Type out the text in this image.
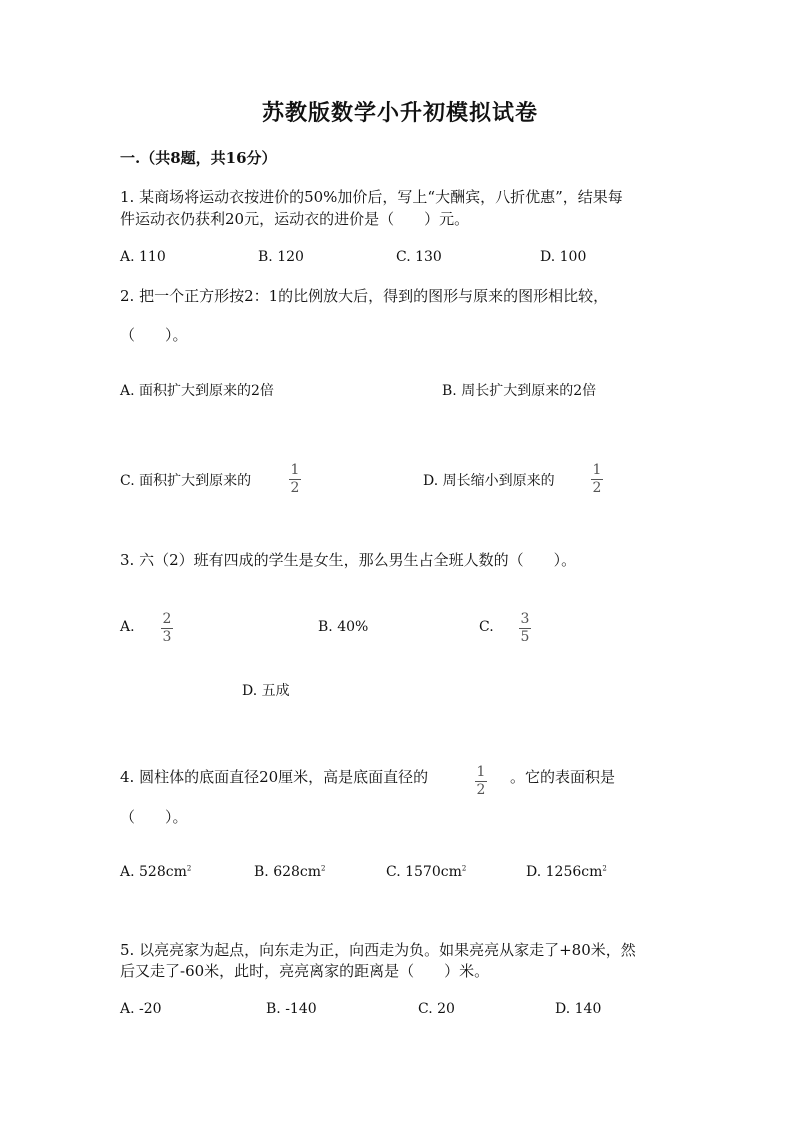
苏教版数学小升初模拟试卷
一.（共8题，共16分）
1. 某商场将运动衣按进价的50%加价后，写上“大酬宾，八折优惠”，结果每
件运动衣仍获利20元，运动衣的进价是（　　）元。
A. 110	B. 120	C. 130	D. 100
2. 把一个正方形按2：1的比例放大后，得到的图形与原来的图形相比较，
（　　）。
A. 面积扩大到原来的2倍	B. 周长扩大到原来的2倍
C. 面积扩大到原来的
1
2	D. 周长缩小到原来的
1
2
3. 六（2）班有四成的学生是女生，那么男生占全班人数的（　　）。
A. 2
3
B. 40%	C. 3
5
D. 五成
4. 圆柱体的底面直径20厘米，高是底面直径的	1
2
。它的表面积是
（　　）。
A. $528cm^2$	B. $628cm^2$	C. $1570cm^2$	D. $1256cm^2$
5. 以亮亮家为起点，向东走为正，向西走为负。如果亮亮从家走了+80米，然
后又走了-60米，此时，亮亮离家的距离是（　　）米。
A. -20	B. -140	C. 20	D. 140
